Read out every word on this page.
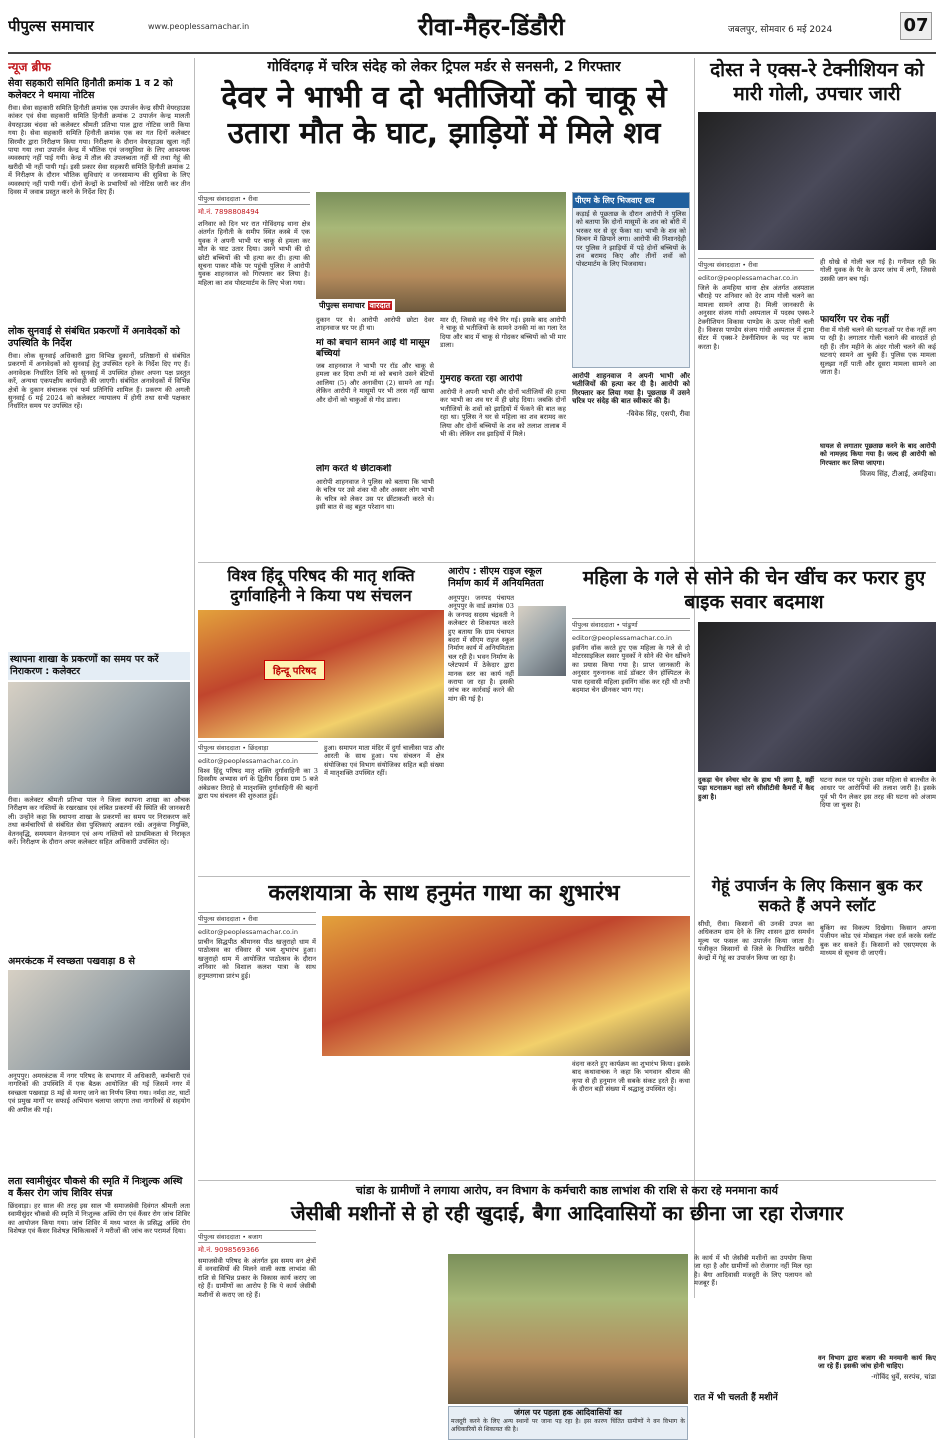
पीपुल्स समाचार	www.peoplessamachar.in	रीवा-मैहर-डिंडौरी	जबलपुर, सोमवार 6 मई 2024	07
न्यूज ब्रीफ
सेवा सहकारी समिति हिनौती क्रमांक 1 व 2 को कलेक्टर ने थमाया नोटिस
रीवा। सेवा सहकारी समिति हिनौती क्रमांक एक उपार्जन केन्द्र सीपी वेयरहाउस कांकर एवं सेवा सहकारी समिति हिनौती क्रमांक 2 उपार्जन केन्द्र मालती वेयरहाउस चंदवा को कलेक्टर श्रीमती प्रतिभा पाल द्वारा नोटिस जारी किया गया है। सेवा सहकारी समिति हिनौती क्रमांक एक का गत दिनों कलेक्टर सिरमौर द्वारा निरीक्षण किया गया। निरीक्षण के दौरान वेयरहाउस खुला नहीं पाया गया तथा उपार्जन केन्द्र में भौतिक एवं जनसुविधा के लिए आवश्यक व्यवस्थाएं नहीं पाई गयी। केन्द्र में तौल की उपलब्धता नहीं थी तथा गेहूं की खरीदी भी नहीं पायी गई। इसी प्रकार सेवा सहकारी समिति हिनौती क्रमांक 2 में निरीक्षण के दौरान भौतिक सुविधाएं व जनसामान्य की सुविधा के लिए व्यवस्थाएं नहीं पायी गयीं। दोनों केन्द्रों के प्रभारियों को नोटिस जारी कर तीन दिवस में जवाब प्रस्तुत करने के निर्देश दिए हैं।
लोक सुनवाई से संबंधित प्रकरणों में अनावेदकों को उपस्थिति के निर्देश
रीवा। लोक सुनवाई अधिकारी द्वारा विभिन्न दुकानों, प्रतिष्ठानों से संबंधित प्रकरणों में अनावेदकों को सुनवाई हेतु उपस्थित रहने के निर्देश दिए गए हैं। अनावेदक निर्धारित तिथि को सुनवाई में उपस्थित होकर अपना पक्ष प्रस्तुत करें, अन्यथा एकपक्षीय कार्यवाही की जाएगी। संबंधित अनावेदकों में विभिन्न क्षेत्रों के दुकान संचालक एवं फर्म प्रतिनिधि शामिल हैं। प्रकरण की अगली सुनवाई 6 मई 2024 को कलेक्टर न्यायालय में होगी तथा सभी पक्षकार निर्धारित समय पर उपस्थित रहें।
स्थापना शाखा के प्रकरणों का समय पर करें निराकरण : कलेक्टर
रीवा। कलेक्टर श्रीमती प्रतिभा पाल ने जिला स्थापना शाखा का औचक निरीक्षण कर नस्तियों के रखरखाव एवं लंबित प्रकरणों की स्थिति की जानकारी ली। उन्होंने कहा कि स्थापना शाखा के प्रकरणों का समय पर निराकरण करें तथा कर्मचारियों से संबंधित सेवा पुस्तिकाएं अद्यतन रखें। अनुकंपा नियुक्ति, वेतनवृद्धि, समयमान वेतनमान एवं अन्य नस्तियों को प्राथमिकता से निराकृत करें। निरीक्षण के दौरान अपर कलेक्टर सहित अधिकारी उपस्थित रहे।
अमरकंटक में स्वच्छता पखवाड़ा 8 से
अनूपपुर। अमरकंटक में नगर परिषद के सभागार में अधिकारी, कर्मचारी एवं नागरिकों की उपस्थिति में एक बैठक आयोजित की गई जिसमें नगर में स्वच्छता पखवाड़ा 8 मई से मनाए जाने का निर्णय लिया गया। नर्मदा तट, घाटों एवं प्रमुख मार्गों पर सफाई अभियान चलाया जाएगा तथा नागरिकों से सहयोग की अपील की गई।
लता स्वामीसुंदर चौकसे की स्मृति में निःशुल्क अस्थि व कैंसर रोग जांच शिविर संपन्न
छिंदवाड़ा। हर साल की तरह इस साल भी समाजसेवी दिवंगत श्रीमती लता स्वामीसुंदर चौकसे की स्मृति में निःशुल्क अस्थि रोग एवं कैंसर रोग जांच शिविर का आयोजन किया गया। जांच शिविर में मध्य भारत के प्रसिद्ध अस्थि रोग विशेषज्ञ एवं कैंसर विशेषज्ञ चिकित्सकों ने मरीजों की जांच कर परामर्श दिया।
गोविंदगढ़ में चरित्र संदेह को लेकर ट्रिपल मर्डर से सनसनी, 2 गिरफ्तार
देवर ने भाभी व दो भतीजियों को चाकू से उतारा मौत के घाट, झाड़ियों में मिले शव
पीपुल्स संवाददाता • रीवा
मो.नं. 7898808494
शनिवार को दिन भर रात गोविंदगढ़ थाना क्षेत्र अंतर्गत हिनौती के समीप स्थित कस्बे में एक युवक ने अपनी भाभी पर चाकू से हमला कर मौत के घाट उतार दिया। उसने भाभी की दो छोटी बच्चियों की भी हत्या कर दी। हत्या की सूचना पाकर मौके पर पहुंची पुलिस ने आरोपी युवक शाहनवाज को गिरफ्तार कर लिया है। महिला का शव पोस्टमार्टम के लिए भेजा गया।
पीपुल्स समाचार वारदात
दुकान पर थे। आरोपी आरोपी छोटा देवर शाहनवाज घर पर ही था।
मां को बचाने सामने आईं थीं मासूम बच्चियां
जब शाहनवाज ने भाभी पर रॉड और चाकू से हमला कर दिया तभी मां को बचाने उसने बेटियों आलिया (5) और अनावीया (2) सामने आ गईं। लेकिन आरोपी ने मासूमों पर भी तरस नहीं खाया और दोनों को चाकुओं से गोद डाला।
लोग करते थे छीटाकशी
आरोपी शाहनवाज ने पुलिस को बताया कि भाभी के चरित्र पर उसे शंका थी और अक्सर लोग भाभी के चरित्र को लेकर उस पर छींटाकशी करते थे। इसी बात से वह बहुत परेशान था।
मार दी, जिससे वह नीचे गिर गई। इसके बाद आरोपी ने चाकू से भतीजियों के सामने उनकी मां का गला रेत दिया और बाद में चाकू से गोदकर बच्चियों को भी मार डाला।
गुमराह करता रहा आरोपी
आरोपी ने अपनी भाभी और दोनों भतीजियों की हत्या कर भाभी का शव घर में ही छोड़ दिया। जबकि दोनों भतीजियों के शवों को झाड़ियों में फेंकने की बात कह रहा था। पुलिस ने घर से महिला का शव बरामद कर लिया और दोनों बच्चियों के शव को तलाश तालाब में भी की। लेकिन शव झाड़ियों में मिले।
पीएम के लिए भिजवाए शव
कड़ाई से पूछताछ के दौरान आरोपी ने पुलिस को बताया कि दोनों मासूमों के शव को बोरी में भरकर घर से दूर फेंका था। भाभी के शव को किचन में छिपाने लगा। आरोपी की निशानदेही पर पुलिस ने झाड़ियों में पड़े दोनों बच्चियों के शव बरामद किए और तीनों शवों को पोस्टमार्टम के लिए भिजवाया।
आरोपी शाहनवाज ने अपनी भाभी और भतीजियों की हत्या कर दी है। आरोपी को गिरफ्तार कर लिया गया है। पूछताछ में उसने चरित्र पर संदेह की बात स्वीकार की है।
-विवेक सिंह, एसपी, रीवा
दोस्त ने एक्स-रे टेक्नीशियन को मारी गोली, उपचार जारी
पीपुल्स संवाददाता • रीवा
editor@peoplessamachar.co.in
जिले के अमहिया थाना क्षेत्र अंतर्गत अस्पताल चौराहे पर शनिवार को देर शाम गोली चलने का मामला सामने आया है। मिली जानकारी के अनुसार संजय गांधी अस्पताल में पदस्थ एक्स-रे टेक्नीशियन विकास पाण्डेय के ऊपर गोली चली है। विकास पाण्डेय संजय गांधी अस्पताल में ट्रामा सेंटर में एक्स-रे टेक्नीशियन के पद पर काम करता है।
ही धोखे से गोली चल गई है। गनीमत रही कि गोली युवक के पैर के ऊपर जांघ में लगी, जिससे उसकी जान बच गई।
फायरिंग पर रोक नहीं
रीवा में गोली चलने की घटनाओं पर रोक नहीं लग पा रही है। लगातार गोली चलाने की वारदातें हो रही हैं। तीन महीने के अंदर गोली चलने की कई घटनाएं सामने आ चुकी हैं। पुलिस एक मामला सुलझा नहीं पाती और दूसरा मामला सामने आ जाता है।
घायल से लगातार पूछताछ करने के बाद आरोपी को नामज़द किया गया है। जल्द ही आरोपी को गिरफ्तार कर लिया जाएगा।
विजय सिंह, टीआई, अमहिया।
विश्व हिंदू परिषद की मातृ शक्ति दुर्गावाहिनी ने किया पथ संचलन
हिन्दू परिषद
पीपुल्स संवाददाता • छिंदवाड़ा
editor@peoplessamachar.co.in
विश्व हिंदू परिषद मातृ शक्ति दुर्गावाहिनी का 3 दिवसीय अभ्यास वर्ग के द्वितीय दिवस ग्राम 5 बजे अंबेडकर तिराहे से मातृशक्ति दुर्गावाहिनी की बहनों द्वारा पथ संचलन की शुरुआत हुई।
हुआ। समापन माता मंदिर में दुर्गा चालीसा पाठ और आरती के साथ हुआ। पथ संचलन में क्षेत्र संयोजिका एवं विभाग संयोजिका सहित बड़ी संख्या में मातृशक्ति उपस्थित रहीं।
आरोप : सीएम राइज स्कूल निर्माण कार्य में अनियमितता
अनूपपुर। जनपद पंचायत अनूपपुर के वार्ड क्रमांक 03 के जनपद सदस्य चंद्रवती ने कलेक्टर से शिकायत करते हुए बताया कि ग्राम पंचायत बदरा में सीएम राइज स्कूल निर्माण कार्य में अनियमितता चल रही है। भवन निर्माण के प्लेटफार्म में ठेकेदार द्वारा मानक स्तर का कार्य नहीं कराया जा रहा है। इसकी जांच कर कार्रवाई करने की मांग की गई है।
महिला के गले से सोने की चेन खींच कर फरार हुए बाइक सवार बदमाश
पीपुल्स संवाददाता • पांढुर्णा
editor@peoplessamachar.co.in
इवनिंग वॉक करते हुए एक महिला के गले से दो मोटरसाइकिल सवार युवकों ने सोने की चेन खींचने का प्रयास किया गया है। प्राप्त जानकारी के अनुसार गुरुनानक वार्ड डॉक्टर जैन हॉस्पिटल के पास रहवासी महिला इवनिंग वॉक कर रही थी तभी बदमाश चेन छीनकर भाग गए।
दुकड़ा चेन स्नेचर चोर के हाथ भी लगा है, वहीं पड़ा घटनाक्रम वहां लगे सीसीटीवी कैमरों में कैद हुआ है।
घटना स्थल पर पहुंचे। उक्त महिला से बातचीत के आधार पर आरोपियों की तलाश जारी है। इसके पूर्व भी पैन लेकर इस तरह की घटना को अंजाम दिया जा चुका है।
कलशयात्रा के साथ हनुमंत गाथा का शुभारंभ
पीपुल्स संवाददाता • रीवा
editor@peoplessamachar.co.in
प्राचीन सिद्धपीठ श्रीमानस पीठ खजुराहो धाम में पाठोत्सव का रविवार से भव्य शुभारंभ हुआ। खजुराहो धाम में आयोजित पाठोत्सव के दौरान शनिवार को विशाल कलश यात्रा के साथ हनुमतगाथा प्रारंभ हुई।
वंदना करते हुए कार्यक्रम का शुभारंभ किया। इसके बाद कथावाचक ने कहा कि भगवान श्रीराम की कृपा से ही हनुमान जी सबके संकट हरते हैं। कथा के दौरान बड़ी संख्या में श्रद्धालु उपस्थित रहे।
गेहूं उपार्जन के लिए किसान बुक कर सकते हैं अपने स्लॉट
सीधी, रीवा। किसानों की उनकी उपज का अधिकतम दाम देने के लिए शासन द्वारा समर्थन मूल्य पर फसल का उपार्जन किया जाता है। पंजीकृत किसानों से जिले के निर्धारित खरीदी केन्द्रों में गेहूं का उपार्जन किया जा रहा है।
बुकिंग का विकल्प दिखेगा। किसान अपना पंजीयन कोड एवं मोबाइल नंबर दर्ज करके स्लॉट बुक कर सकते हैं। किसानों को एसएमएस के माध्यम से सूचना दी जाएगी।
चांडा के ग्रामीणों ने लगाया आरोप, वन विभाग के कर्मचारी काष्ठ लाभांश की राशि से करा रहे मनमाना कार्य
जेसीबी मशीनों से हो रही खुदाई, बैगा आदिवासियों का छीना जा रहा रोजगार
पीपुल्स संवाददाता • बजाग
मो.नं. 9098569366
समाजसेवी परिषद के अंतर्गत इस समय वन क्षेत्रों में वनवासियों की मिलने वाली काष्ठ लाभांश की राशि से विभिन्न प्रकार के विकास कार्य कराए जा रहे हैं। ग्रामीणों का आरोप है कि ये कार्य जेसीबी मशीनों से कराए जा रहे हैं।
जंगल पर पहला हक आदिवासियों का
मजदूरी करने के लिए अन्य स्थानों पर जाना पड़ रहा है। इस कारण चिंतित ग्रामीणों ने वन विभाग के अधिकारियों से शिकायत की है।
के कार्य में भी जेसीबी मशीनों का उपयोग किया जा रहा है और ग्रामीणों को रोजगार नहीं मिल रहा है। बैगा आदिवासी मजदूरी के लिए पलायन को मजबूर हैं।
रात में भी चलती हैं मशीनें
वन विभाग द्वारा बजाग की मनमानी कार्य किए जा रहे हैं। इसकी जांच होनी चाहिए।
-गोविंद धुर्वे, सरपंच, चांडा
